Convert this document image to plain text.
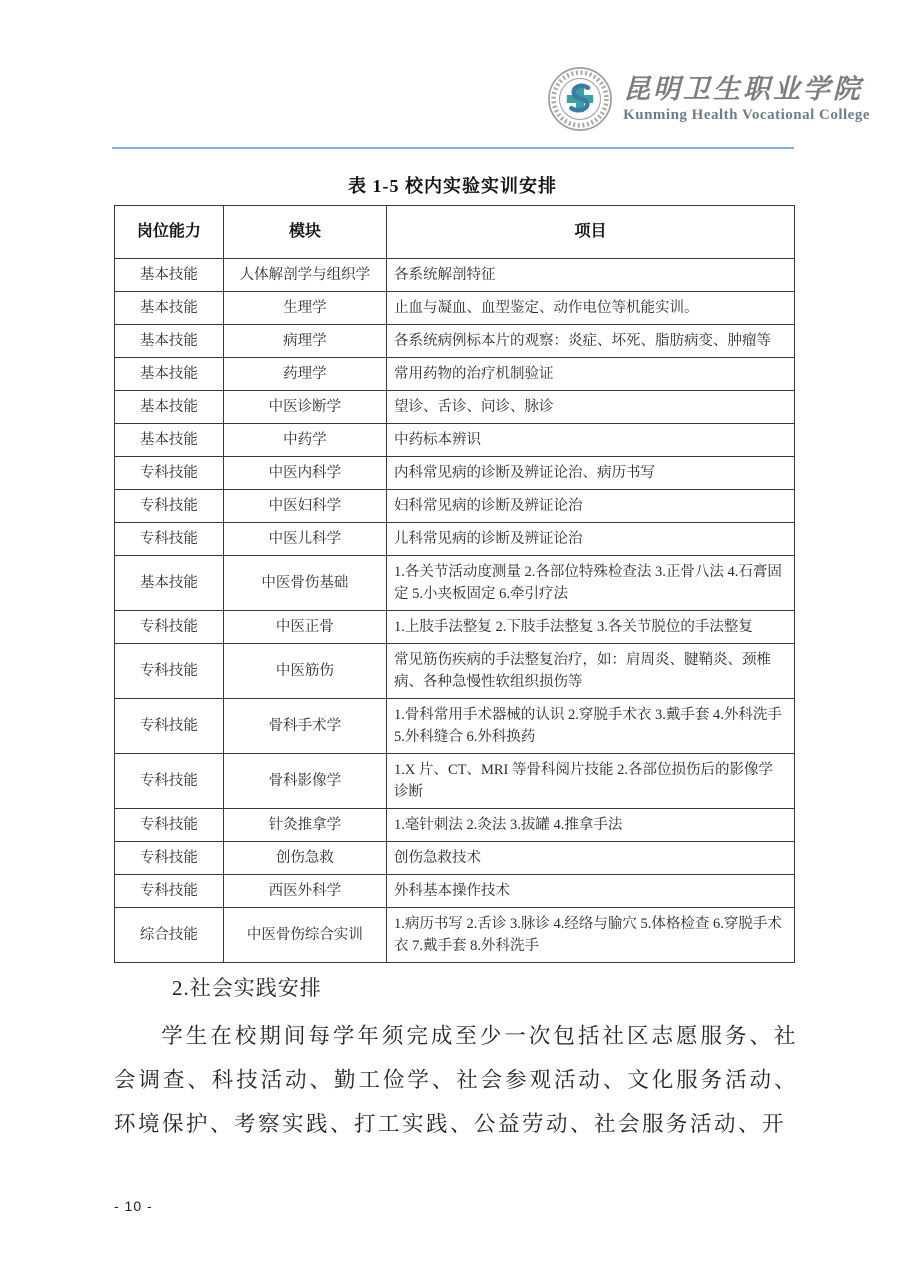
昆明卫生职业学院
Kunming Health Vocational College
表 1-5 校内实验实训安排
岗位能力	模块	项目
基本技能	人体解剖学与组织学	各系统解剖特征
基本技能	生理学	止血与凝血、血型鉴定、动作电位等机能实训。
基本技能	病理学	各系统病例标本片的观察：炎症、坏死、脂肪病变、肿瘤等
基本技能	药理学	常用药物的治疗机制验证
基本技能	中医诊断学	望诊、舌诊、问诊、脉诊
基本技能	中药学	中药标本辨识
专科技能	中医内科学	内科常见病的诊断及辨证论治、病历书写
专科技能	中医妇科学	妇科常见病的诊断及辨证论治
专科技能	中医儿科学	儿科常见病的诊断及辨证论治
基本技能	中医骨伤基础	1.各关节活动度测量 2.各部位特殊检查法 3.正骨八法 4.石膏固定 5.小夹板固定 6.牵引疗法
专科技能	中医正骨	1.上肢手法整复 2.下肢手法整复 3.各关节脱位的手法整复
专科技能	中医筋伤	常见筋伤疾病的手法整复治疗，如：肩周炎、腱鞘炎、颈椎病、各种急慢性软组织损伤等
专科技能	骨科手术学	1.骨科常用手术器械的认识 2.穿脱手术衣 3.戴手套 4.外科洗手 5.外科缝合 6.外科换药
专科技能	骨科影像学	1.X 片、CT、MRI 等骨科阅片技能 2.各部位损伤后的影像学诊断
专科技能	针灸推拿学	1.毫针刺法 2.灸法 3.拔罐 4.推拿手法
专科技能	创伤急救	创伤急救技术
专科技能	西医外科学	外科基本操作技术
综合技能	中医骨伤综合实训	1.病历书写 2.舌诊 3.脉诊 4.经络与腧穴 5.体格检查 6.穿脱手术衣 7.戴手套 8.外科洗手
2.社会实践安排
学生在校期间每学年须完成至少一次包括社区志愿服务、社会调查、科技活动、勤工俭学、社会参观活动、文化服务活动、环境保护、考察实践、打工实践、公益劳动、社会服务活动、开
- 10 -
